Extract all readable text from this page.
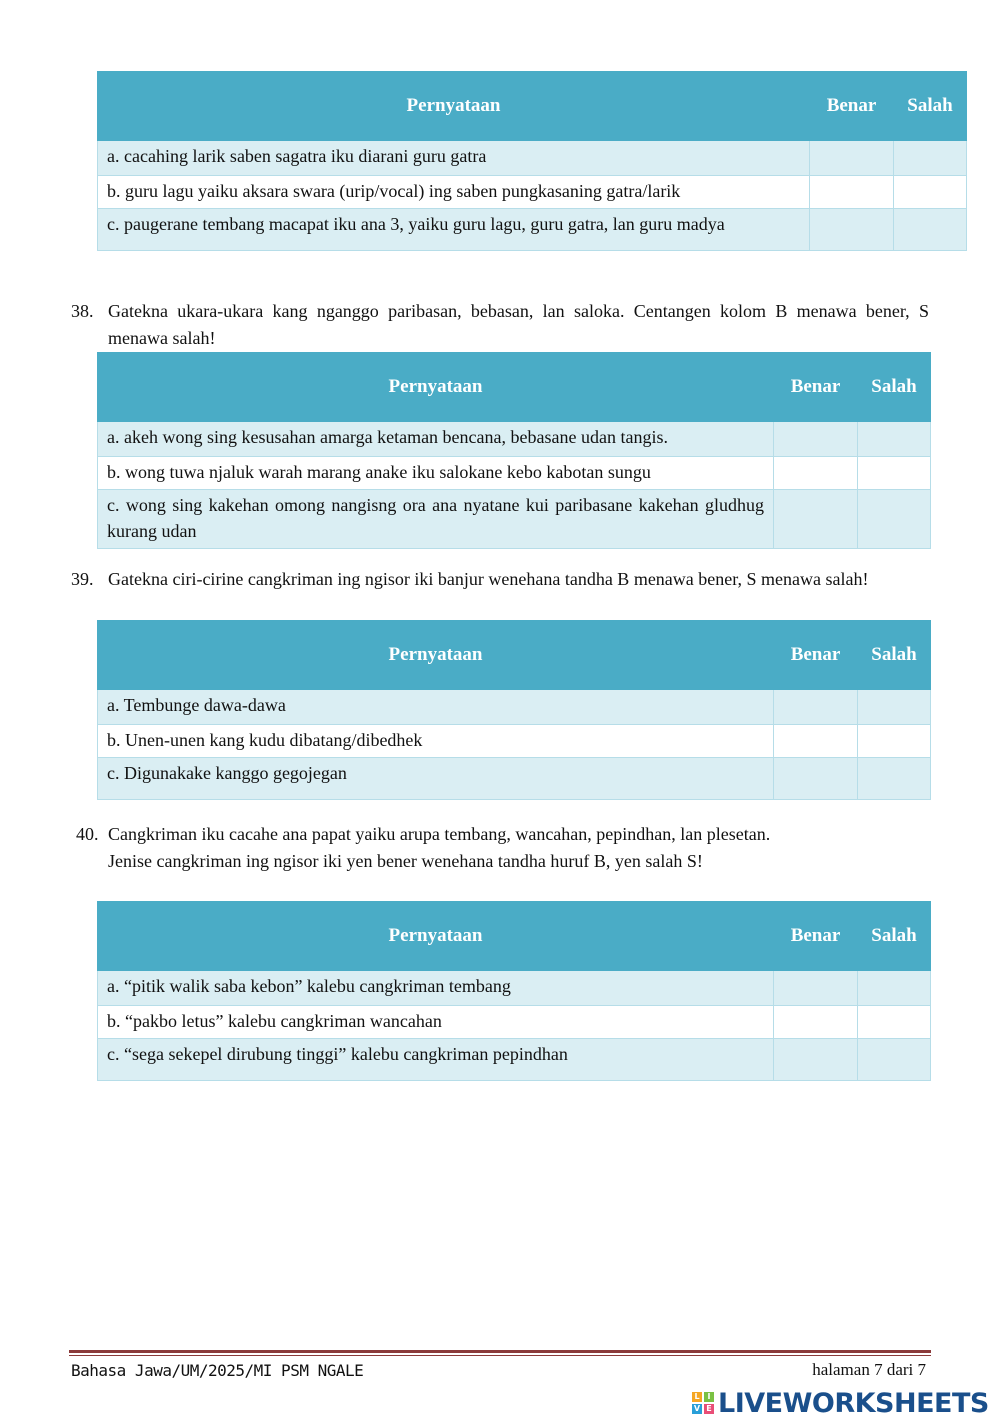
Pernyataan	Benar	Salah
a. cacahing larik saben sagatra iku diarani guru gatra		
b. guru lagu yaiku aksara swara (urip/vocal) ing saben pungkasaning gatra/larik		
c. paugerane tembang macapat iku ana 3, yaiku guru lagu, guru gatra, lan guru madya		
38. Gatekna ukara-ukara kang nganggo paribasan, bebasan, lan saloka. Centangen kolom B menawa bener, S menawa salah!
Pernyataan	Benar	Salah
a. akeh wong sing kesusahan amarga ketaman bencana, bebasane udan tangis.		
b. wong tuwa njaluk warah marang anake iku salokane kebo kabotan sungu		
c. wong sing kakehan omong nangisng ora ana nyatane kui paribasane kakehan gludhug kurang udan		
39. Gatekna ciri-cirine cangkriman ing ngisor iki banjur wenehana tandha B menawa bener, S menawa salah!
Pernyataan	Benar	Salah
a. Tembunge dawa-dawa		
b. Unen-unen kang kudu dibatang/dibedhek		
c. Digunakake kanggo gegojegan		
40. Cangkriman iku cacahe ana papat yaiku arupa tembang, wancahan, pepindhan, lan plesetan.
Jenise cangkriman ing ngisor iki yen bener wenehana tandha huruf B, yen salah S!
Pernyataan	Benar	Salah
a. “pitik walik saba kebon” kalebu cangkriman tembang		
b. “pakbo letus” kalebu cangkriman wancahan		
c. “sega sekepel dirubung tinggi” kalebu cangkriman pepindhan		
Bahasa Jawa/UM/2025/MI PSM NGALE	halaman 7 dari 7
L I
V E LIVEWORKSHEETS
